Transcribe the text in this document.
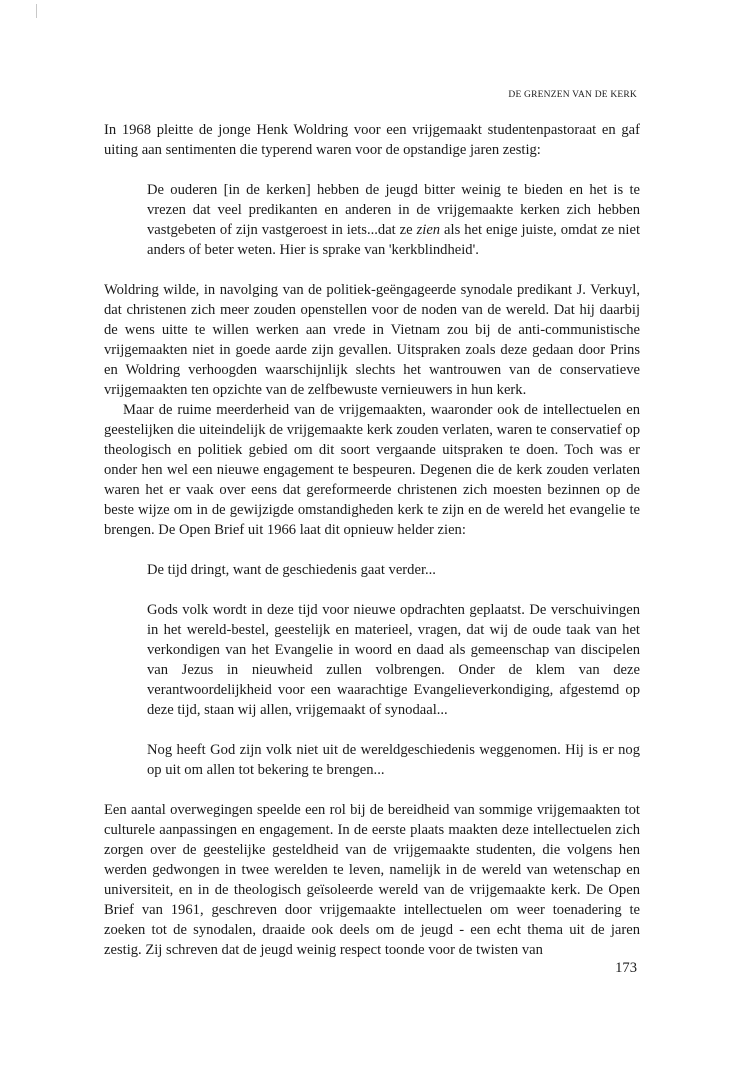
DE GRENZEN VAN DE KERK

In 1968 pleitte de jonge Henk Woldring voor een vrijgemaakt studentenpastoraat en gaf uiting aan sentimenten die typerend waren voor de opstandige jaren zestig:

De ouderen [in de kerken] hebben de jeugd bitter weinig te bieden en het is te vrezen dat veel predikanten en anderen in de vrijgemaakte kerken zich hebben vastgebeten of zijn vastgeroest in iets...dat ze zien als het enige juiste, omdat ze niet anders of beter weten. Hier is sprake van 'kerkblindheid'.

Woldring wilde, in navolging van de politiek-geëngageerde synodale predikant J. Verkuyl, dat christenen zich meer zouden openstellen voor de noden van de wereld. Dat hij daarbij de wens uitte te willen werken aan vrede in Vietnam zou bij de anti-communistische vrijgemaakten niet in goede aarde zijn gevallen. Uitspraken zoals deze gedaan door Prins en Woldring verhoogden waarschijnlijk slechts het wantrouwen van de conservatieve vrijgemaakten ten opzichte van de zelfbewuste vernieuwers in hun kerk.

Maar de ruime meerderheid van de vrijgemaakten, waaronder ook de intellectuelen en geestelijken die uiteindelijk de vrijgemaakte kerk zouden verlaten, waren te conservatief op theologisch en politiek gebied om dit soort vergaande uitspraken te doen. Toch was er onder hen wel een nieuwe engagement te bespeuren. Degenen die de kerk zouden verlaten waren het er vaak over eens dat gereformeerde christenen zich moesten bezinnen op de beste wijze om in de gewijzigde omstandigheden kerk te zijn en de wereld het evangelie te brengen. De Open Brief uit 1966 laat dit opnieuw helder zien:

De tijd dringt, want de geschiedenis gaat verder...

Gods volk wordt in deze tijd voor nieuwe opdrachten geplaatst. De verschuivingen in het wereld-bestel, geestelijk en materieel, vragen, dat wij de oude taak van het verkondigen van het Evangelie in woord en daad als gemeenschap van discipelen van Jezus in nieuwheid zullen volbrengen. Onder de klem van deze verantwoordelijkheid voor een waarachtige Evangelieverkondiging, afgestemd op deze tijd, staan wij allen, vrijgemaakt of synodaal...

Nog heeft God zijn volk niet uit de wereldgeschiedenis weggenomen. Hij is er nog op uit om allen tot bekering te brengen...

Een aantal overwegingen speelde een rol bij de bereidheid van sommige vrijgemaakten tot culturele aanpassingen en engagement. In de eerste plaats maakten deze intellectuelen zich zorgen over de geestelijke gesteldheid van de vrijgemaakte studenten, die volgens hen werden gedwongen in twee werelden te leven, namelijk in de wereld van wetenschap en universiteit, en in de theologisch geïsoleerde wereld van de vrijgemaakte kerk. De Open Brief van 1961, geschreven door vrijgemaakte intellectuelen om weer toenadering te zoeken tot de synodalen, draaide ook deels om de jeugd - een echt thema uit de jaren zestig. Zij schreven dat de jeugd weinig respect toonde voor de twisten van

173
